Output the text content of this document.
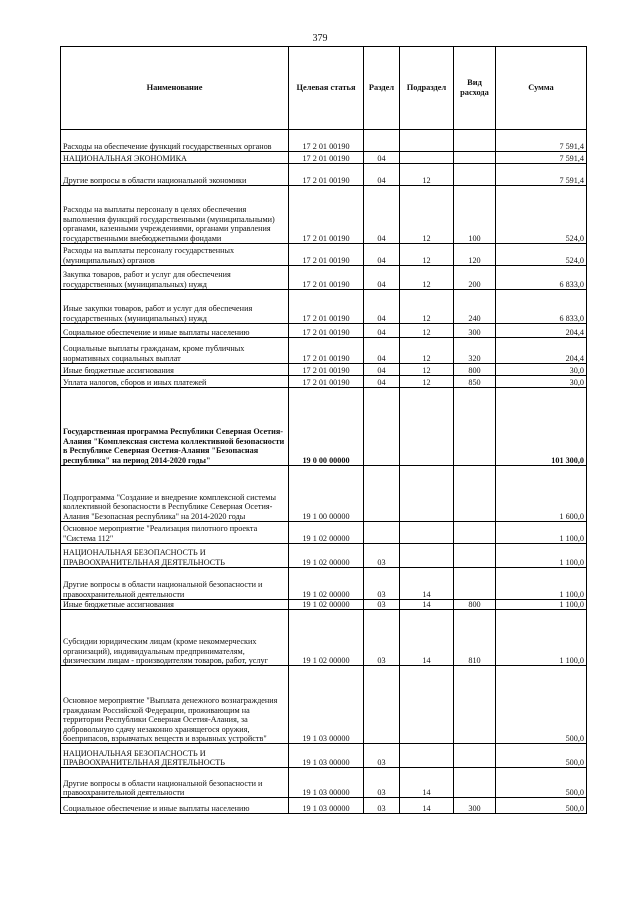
379
Наименование	Целевая статья	Раздел	Подраздел	Вид расхода	Сумма
Расходы на обеспечение функций государственных органов	17 2 01 00190				7 591,4
НАЦИОНАЛЬНАЯ ЭКОНОМИКА	17 2 01 00190	04			7 591,4
Другие вопросы в области национальной экономики	17 2 01 00190	04	12		7 591,4
Расходы на выплаты персоналу в целях обеспечения выполнения функций государственными (муниципальными) органами, казенными учреждениями, органами управления государственными внебюджетными фондами	17 2 01 00190	04	12	100	524,0
Расходы на выплаты персоналу государственных (муниципальных) органов	17 2 01 00190	04	12	120	524,0
Закупка товаров, работ и услуг для обеспечения государственных (муниципальных) нужд	17 2 01 00190	04	12	200	6 833,0
Иные закупки товаров, работ и услуг для обеспечения государственных (муниципальных) нужд	17 2 01 00190	04	12	240	6 833,0
Социальное обеспечение и иные выплаты населению	17 2 01 00190	04	12	300	204,4
Социальные выплаты гражданам, кроме публичных нормативных социальных выплат	17 2 01 00190	04	12	320	204,4
Иные бюджетные ассигнования	17 2 01 00190	04	12	800	30,0
Уплата налогов, сборов и иных платежей	17 2 01 00190	04	12	850	30,0
Государственная программа Республики Северная Осетия-Алания "Комплексная система коллективной безопасности в Республике Северная Осетия-Алания "Безопасная республика" на период 2014-2020 годы"	19 0 00 00000				101 300,0
Подпрограмма "Создание и внедрение комплексной системы коллективной безопасности в Республике Северная Осетия-Алания "Безопасная республика" на 2014-2020 годы	19 1 00 00000				1 600,0
Основное мероприятие "Реализация пилотного проекта "Система 112"	19 1 02 00000				1 100,0
НАЦИОНАЛЬНАЯ БЕЗОПАСНОСТЬ И ПРАВООХРАНИТЕЛЬНАЯ ДЕЯТЕЛЬНОСТЬ	19 1 02 00000	03			1 100,0
Другие вопросы в области национальной безопасности и правоохранительной деятельности	19 1 02 00000	03	14		1 100,0
Иные бюджетные ассигнования	19 1 02 00000	03	14	800	1 100,0
Субсидии юридическим лицам (кроме некоммерческих организаций), индивидуальным предпринимателям, физическим лицам - производителям товаров, работ, услуг	19 1 02 00000	03	14	810	1 100,0
Основное мероприятие "Выплата денежного вознаграждения гражданам Российской Федерации, проживающим на территории Республики Северная Осетия-Алания, за добровольную сдачу незаконно хранящегося оружия, боеприпасов, взрывчатых веществ и взрывных устройств"	19 1 03 00000				500,0
НАЦИОНАЛЬНАЯ БЕЗОПАСНОСТЬ И ПРАВООХРАНИТЕЛЬНАЯ ДЕЯТЕЛЬНОСТЬ	19 1 03 00000	03			500,0
Другие вопросы в области национальной безопасности и правоохранительной деятельности	19 1 03 00000	03	14		500,0
Социальное обеспечение и иные выплаты населению	19 1 03 00000	03	14	300	500,0
